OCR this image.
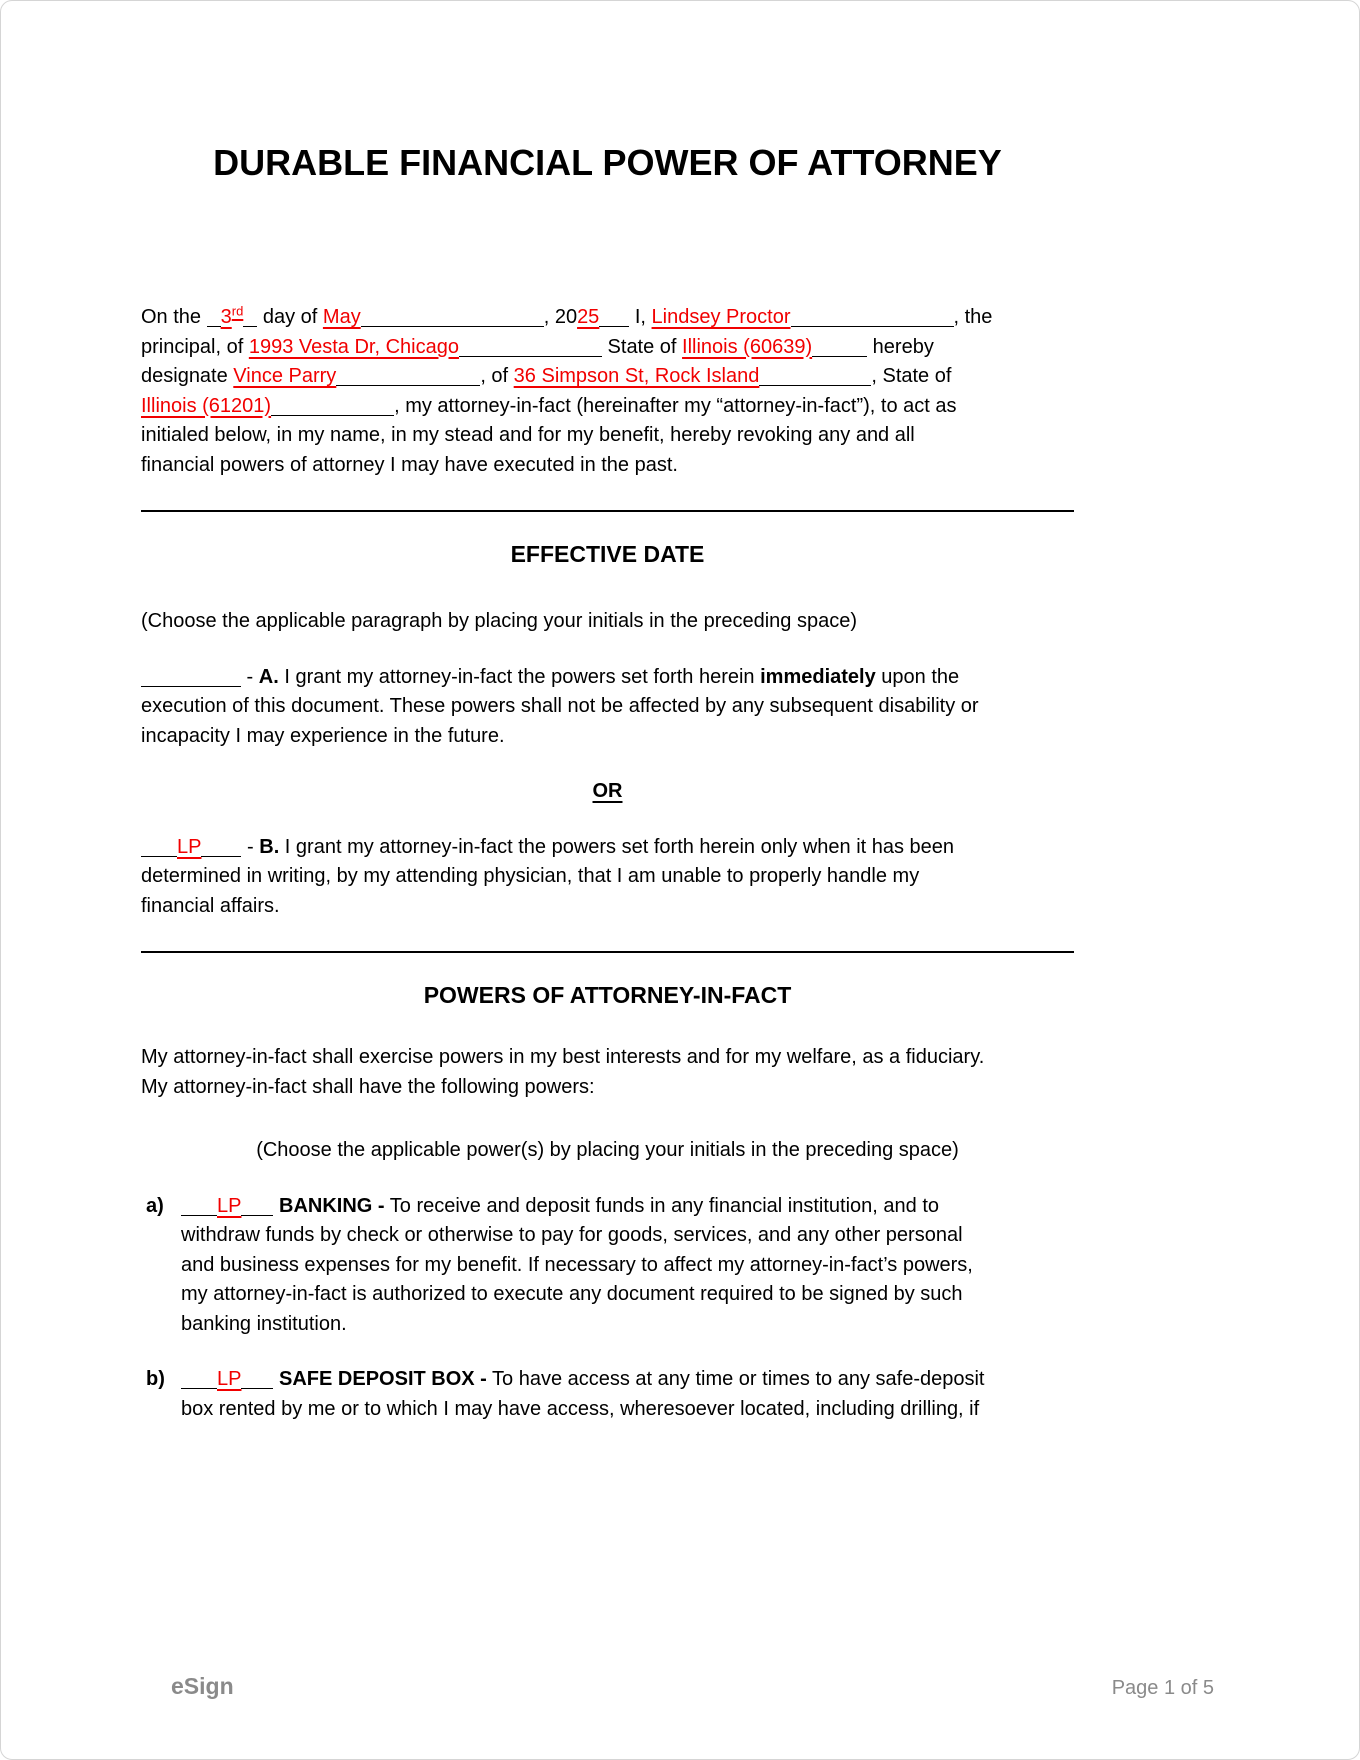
DURABLE FINANCIAL POWER OF ATTORNEY
On the 3rd day of May	, 2025 I, Lindsey Proctor	, the
principal, of 1993 Vesta Dr, Chicago	State of Illinois (60639)	hereby
designate Vince Parry	, of 36 Simpson St, Rock Island	, State of
Illinois (61201)	, my attorney-in-fact (hereinafter my “attorney-in-fact”), to act as
initialed below, in my name, in my stead and for my benefit, hereby revoking any and all
financial powers of attorney I may have executed in the past.
EFFECTIVE DATE

(Choose the applicable paragraph by placing your initials in the preceding space)

- A. I grant my attorney-in-fact the powers set forth herein immediately upon the
execution of this document. These powers shall not be affected by any subsequent disability or
incapacity I may experience in the future.
OR
LP - B. I grant my attorney-in-fact the powers set forth herein only when it has been
determined in writing, by my attending physician, that I am unable to properly handle my
financial affairs.
POWERS OF ATTORNEY-IN-FACT
My attorney-in-fact shall exercise powers in my best interests and for my welfare, as a fiduciary.
My attorney-in-fact shall have the following powers:

(Choose the applicable power(s) by placing your initials in the preceding space)

a)	LP BANKING - To receive and deposit funds in any financial institution, and to
withdraw funds by check or otherwise to pay for goods, services, and any other personal
and business expenses for my benefit. If necessary to affect my attorney-in-fact’s powers,
my attorney-in-fact is authorized to execute any document required to be signed by such
banking institution.
b)	LP SAFE DEPOSIT BOX - To have access at any time or times to any safe-deposit
box rented by me or to which I may have access, wheresoever located, including drilling, if
eSign	Page 1 of 5
